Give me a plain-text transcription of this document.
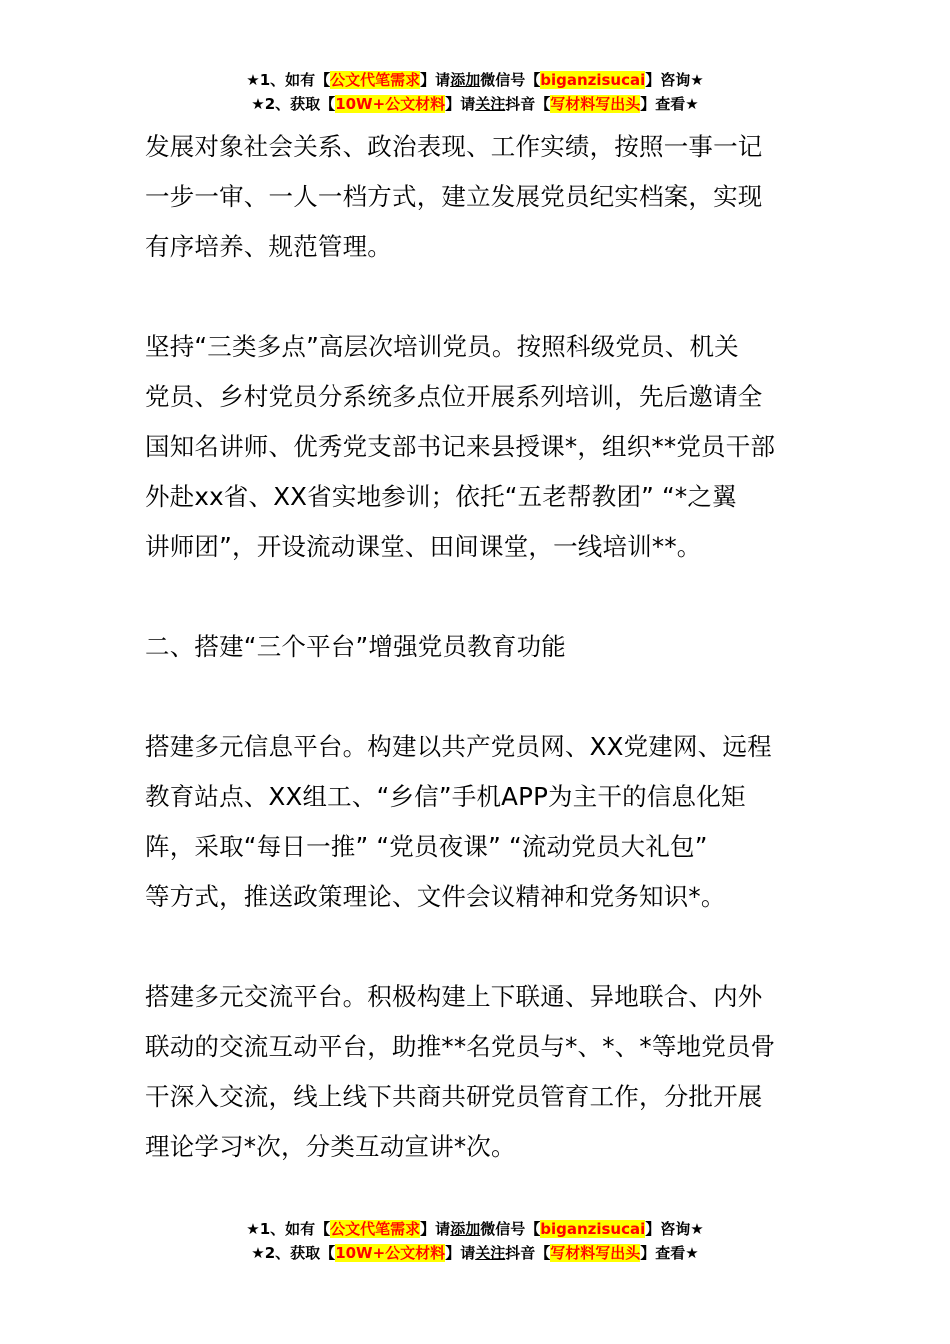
★1、如有【公文代笔需求】请添加微信号【biganzisucai】咨询★
★2、获取【10W+公文材料】请关注抖音【写材料写出头】查看★
发展对象社会关系、政治表现、工作实绩，按照一事一记
一步一审、一人一档方式，建立发展党员纪实档案，实现
有序培养、规范管理。
坚持“三类多点”高层次培训党员。按照科级党员、机关
党员、乡村党员分系统多点位开展系列培训，先后邀请全
国知名讲师、优秀党支部书记来县授课*，组织**党员干部
外赴xx省、XX省实地参训；依托“五老帮教团” “*之翼
讲师团”，开设流动课堂、田间课堂，一线培训**。
二、搭建“三个平台”增强党员教育功能
搭建多元信息平台。构建以共产党员网、XX党建网、远程
教育站点、XX组工、“乡信”手机APP为主干的信息化矩
阵，采取“每日一推” “党员夜课” “流动党员大礼包”
等方式，推送政策理论、文件会议精神和党务知识*。
搭建多元交流平台。积极构建上下联通、异地联合、内外
联动的交流互动平台，助推**名党员与*、*、*等地党员骨
干深入交流，线上线下共商共研党员管育工作，分批开展
理论学习*次，分类互动宣讲*次。
★1、如有【公文代笔需求】请添加微信号【biganzisucai】咨询★
★2、获取【10W+公文材料】请关注抖音【写材料写出头】查看★
